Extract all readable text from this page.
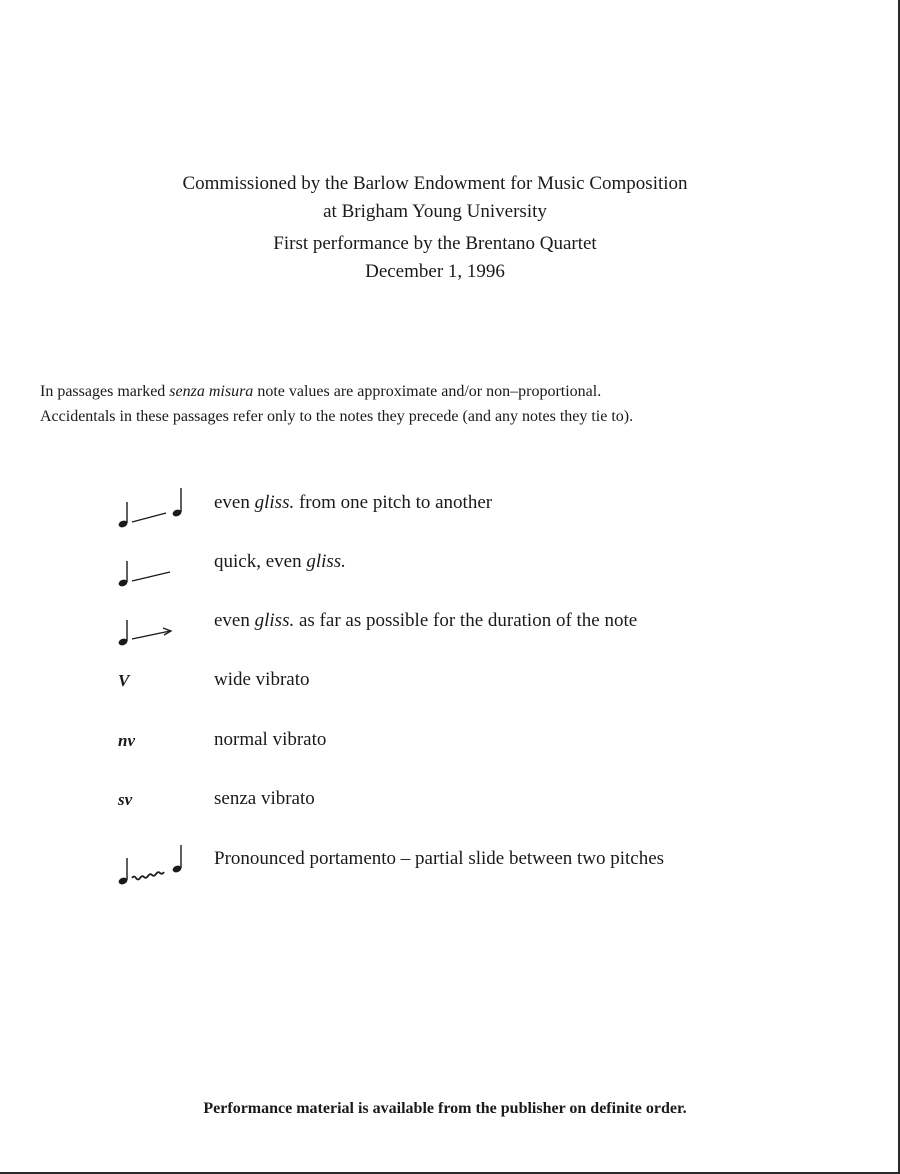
Commissioned by the Barlow Endowment for Music Composition
at Brigham Young University
First performance by the Brentano Quartet
December 1, 1996
In passages marked senza misura note values are approximate and/or non–proportional.
Accidentals in these passages refer only to the notes they precede (and any notes they tie to).
even gliss. from one pitch to another
quick, even gliss.
even gliss. as far as possible for the duration of the note
V	wide vibrato
nv	normal vibrato
sv	senza vibrato
Pronounced portamento – partial slide between two pitches
Performance material is available from the publisher on definite order.
